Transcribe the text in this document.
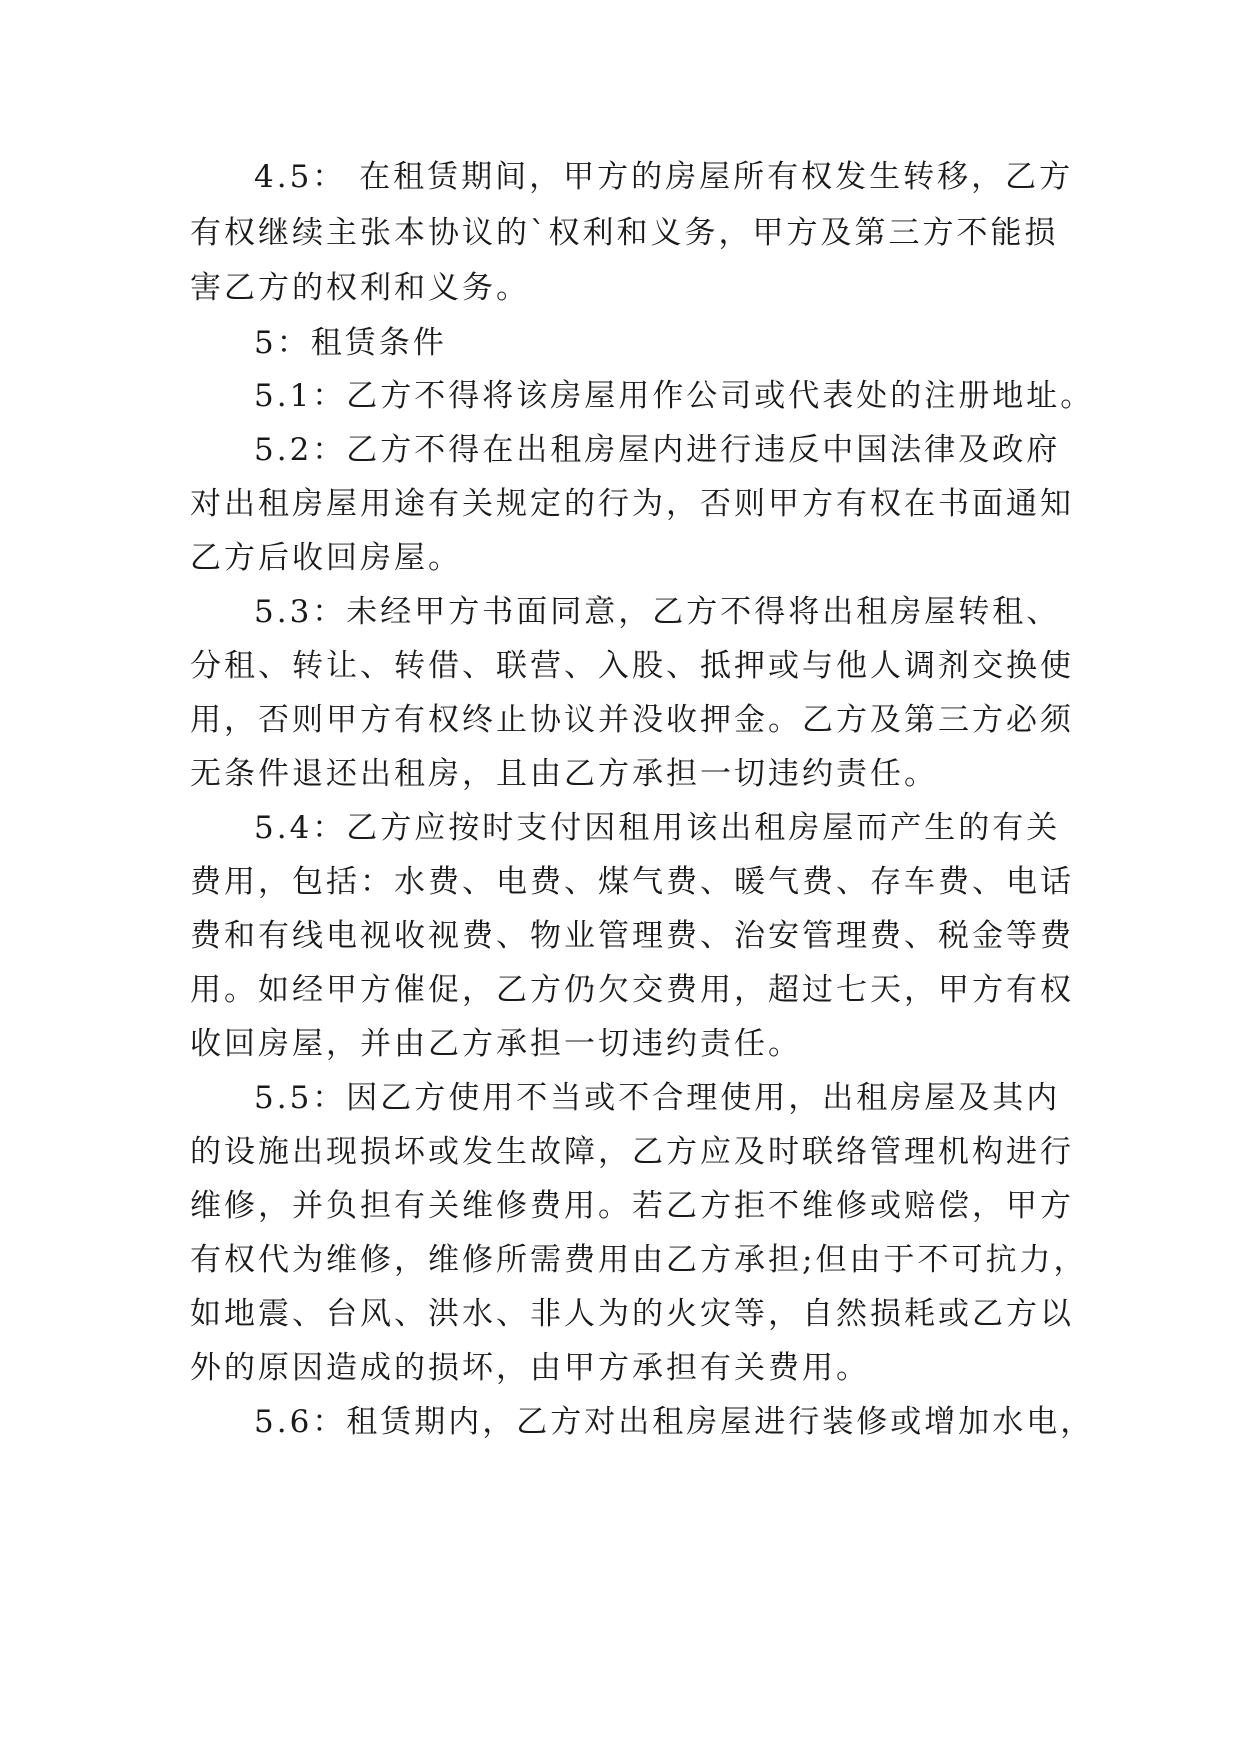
4.5： 在租赁期间，甲方的房屋所有权发生转移，乙方
有权继续主张本协议的`权利和义务，甲方及第三方不能损
害乙方的权利和义务。
5：租赁条件
5.1：乙方不得将该房屋用作公司或代表处的注册地址。
5.2：乙方不得在出租房屋内进行违反中国法律及政府
对出租房屋用途有关规定的行为，否则甲方有权在书面通知
乙方后收回房屋。
5.3：未经甲方书面同意，乙方不得将出租房屋转租、
分租、转让、转借、联营、入股、抵押或与他人调剂交换使
用，否则甲方有权终止协议并没收押金。乙方及第三方必须
无条件退还出租房，且由乙方承担一切违约责任。
5.4：乙方应按时支付因租用该出租房屋而产生的有关
费用，包括：水费、电费、煤气费、暖气费、存车费、电话
费和有线电视收视费、物业管理费、治安管理费、税金等费
用。如经甲方催促，乙方仍欠交费用，超过七天，甲方有权
收回房屋，并由乙方承担一切违约责任。
5.5：因乙方使用不当或不合理使用，出租房屋及其内
的设施出现损坏或发生故障，乙方应及时联络管理机构进行
维修，并负担有关维修费用。若乙方拒不维修或赔偿，甲方
有权代为维修，维修所需费用由乙方承担;但由于不可抗力，
如地震、台风、洪水、非人为的火灾等，自然损耗或乙方以
外的原因造成的损坏，由甲方承担有关费用。
5.6：租赁期内，乙方对出租房屋进行装修或增加水电，
